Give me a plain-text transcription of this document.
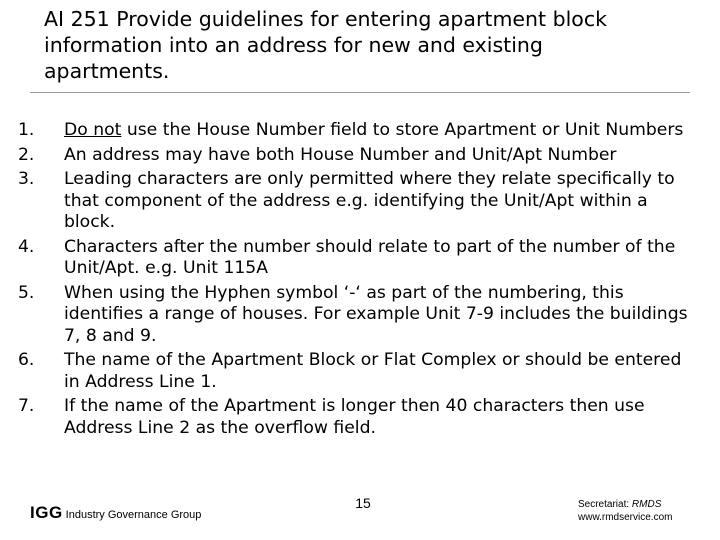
AI 251 Provide guidelines for entering apartment block information into an address for new and existing apartments.
1. Do not use the House Number field to store Apartment or Unit Numbers
2. An address may have both House Number and Unit/Apt Number
3. Leading characters are only permitted where they relate specifically to that component of the address e.g. identifying the Unit/Apt within a block.
4. Characters after the number should relate to part of the number of the Unit/Apt. e.g. Unit 115A
5. When using the Hyphen symbol ‘-‘ as part of the numbering, this identifies a range of houses. For example Unit 7-9 includes the buildings 7, 8 and 9.
6. The name of the Apartment Block or Flat Complex or should be entered in Address Line 1.
7. If the name of the Apartment is longer then 40 characters then use Address Line 2 as the overflow field.
IGG Industry Governance Group
15	Secretariat: RMDS
www.rmdservice.com
